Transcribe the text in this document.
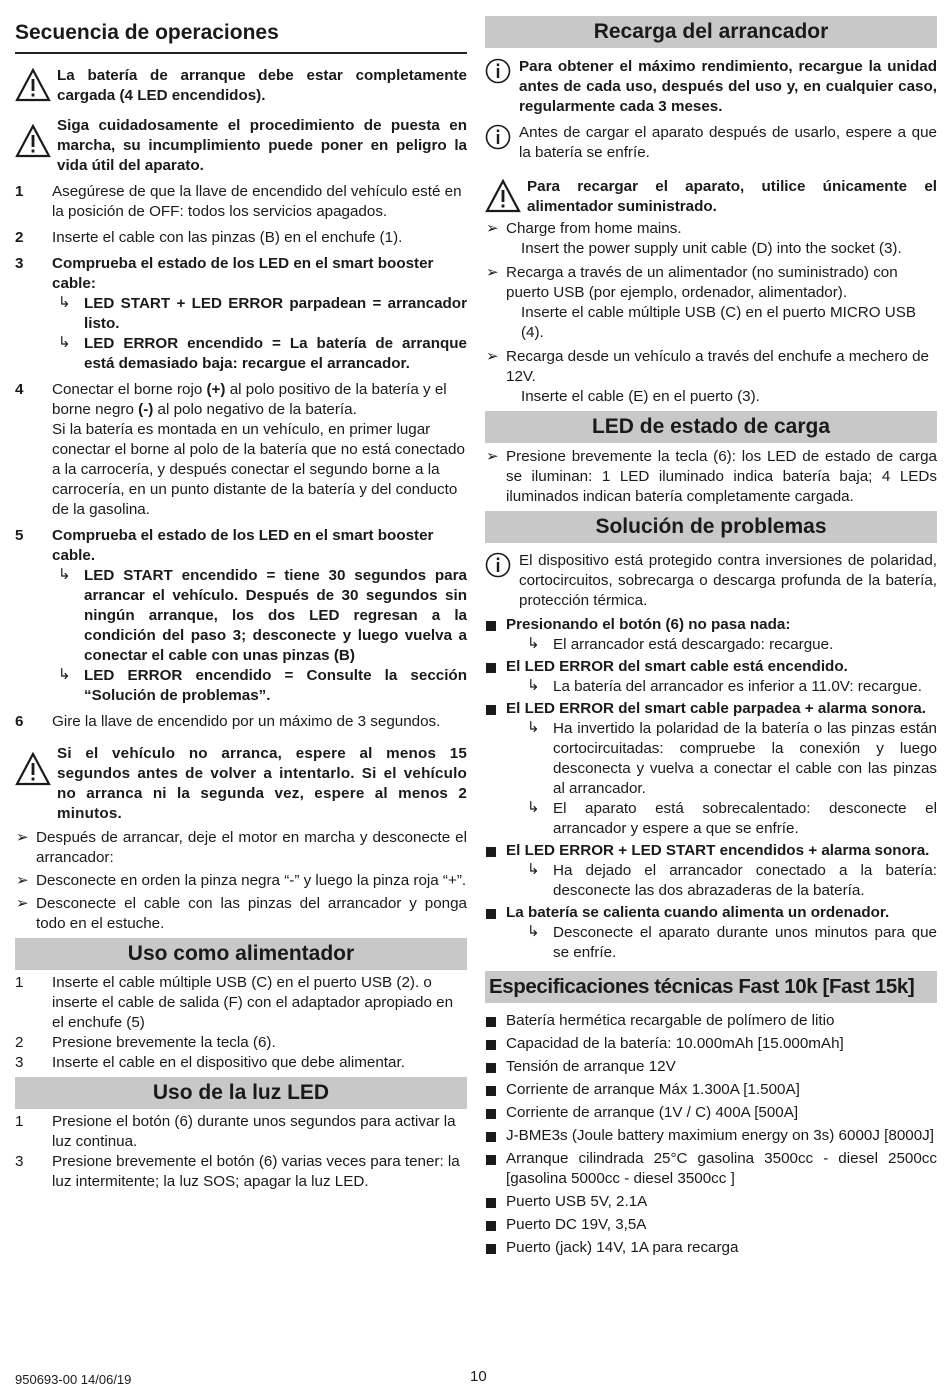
Secuencia de operaciones
La batería de arranque debe estar completamente cargada (4 LED encendidos).
Siga cuidadosamente el procedimiento de puesta en marcha, su incumplimiento puede poner en peligro la vida útil del aparato.
1 Asegúrese de que la llave de encendido del vehículo esté en la posición de OFF: todos los servicios apagados.
2 Inserte el cable con las pinzas (B) en el enchufe (1).
3 Comprueba el estado de los LED en el smart booster cable:
↳ LED START + LED ERROR parpadean = arrancador listo.
↳ LED ERROR encendido = La batería de arranque está demasiado baja: recargue el arrancador.
4 Conectar el borne rojo (+) al polo positivo de la batería y el borne negro (-) al polo negativo de la batería.
Si la batería es montada en un vehículo, en primer lugar conectar el borne al polo de la batería que no está conectado a la carrocería, y después conectar el segundo borne a la carrocería, en un punto distante de la batería y del conducto de la gasolina.
5 Comprueba el estado de los LED en el smart booster cable.
↳ LED START encendido = tiene 30 segundos para arrancar el vehículo. Después de 30 segundos sin ningún arranque, los dos LED regresan a la condición del paso 3; desconecte y luego vuelva a conectar el cable con unas pinzas (B)
↳ LED ERROR encendido = Consulte la sección “Solución de problemas”.
6 Gire la llave de encendido por un máximo de 3 segundos.
Si el vehículo no arranca, espere al menos 15 segundos antes de volver a intentarlo. Si el vehículo no arranca ni la segunda vez, espere al menos 2 minutos.
➢ Después de arrancar, deje el motor en marcha y desconecte el arrancador:
➢ Desconecte en orden la pinza negra “-” y luego la pinza roja “+”.
➢ Desconecte el cable con las pinzas del arrancador y ponga todo en el estuche.
Uso como alimentador
1 Inserte el cable múltiple USB (C) en el puerto USB (2). o inserte el cable de salida (F) con el adaptador apropiado en el enchufe (5)
2 Presione brevemente la tecla (6).
3 Inserte el cable en el dispositivo que debe alimentar.
Uso de la luz LED
1 Presione el botón (6) durante unos segundos para activar la luz continua.
3 Presione brevemente el botón (6) varias veces para tener: la luz intermitente; la luz SOS; apagar la luz LED.
Recarga del arrancador
Para obtener el máximo rendimiento, recargue la unidad antes de cada uso, después del uso y, en cualquier caso, regularmente cada 3 meses.
Antes de cargar el aparato después de usarlo, espere a que la batería se enfríe.
Para recargar el aparato, utilice únicamente el alimentador suministrado.
➢ Charge from home mains.
Insert the power supply unit cable (D) into the socket (3).
➢ Recarga a través de un alimentador (no suministrado) con puerto USB (por ejemplo, ordenador, alimentador).
Inserte el cable múltiple USB (C) en el puerto MICRO USB (4).
➢ Recarga desde un vehículo a través del enchufe a mechero de 12V.
Inserte el cable (E) en el puerto (3).
LED de estado de carga
➢ Presione brevemente la tecla (6): los LED de estado de carga se iluminan: 1 LED iluminado indica batería baja; 4 LEDs iluminados indican batería completamente cargada.
Solución de problemas
El dispositivo está protegido contra inversiones de polaridad, cortocircuitos, sobrecarga o descarga profunda de la batería, protección térmica.
Presionando el botón (6) no pasa nada:
↳ El arrancador está descargado: recargue.
El LED ERROR del smart cable está encendido.
↳ La batería del arrancador es inferior a 11.0V: recargue.
El LED ERROR del smart cable parpadea + alarma sonora.
↳ Ha invertido la polaridad de la batería o las pinzas están cortocircuitadas: compruebe la conexión y luego desconecta y vuelva a conectar el cable con las pinzas al arrancador.
↳ El aparato está sobrecalentado: desconecte el arrancador y espere a que se enfríe.
El LED ERROR + LED START encendidos + alarma sonora.
↳ Ha dejado el arrancador conectado a la batería: desconecte las dos abrazaderas de la batería.
La batería se calienta cuando alimenta un ordenador.
↳ Desconecte el aparato durante unos minutos para que se enfríe.
Especificaciones técnicas Fast 10k [Fast 15k]
Batería hermética recargable de polímero de litio
Capacidad de la batería: 10.000mAh [15.000mAh]
Tensión de arranque 12V
Corriente de arranque Máx 1.300A [1.500A]
Corriente de arranque (1V / C) 400A [500A]
J-BME3s (Joule battery maximium energy on 3s) 6000J [8000J]
Arranque cilindrada 25°C gasolina 3500cc - diesel 2500cc [gasolina 5000cc - diesel 3500cc ]
Puerto USB 5V, 2.1A
Puerto DC 19V, 3,5A
Puerto (jack) 14V, 1A para recarga
950693-00 14/06/19	10
